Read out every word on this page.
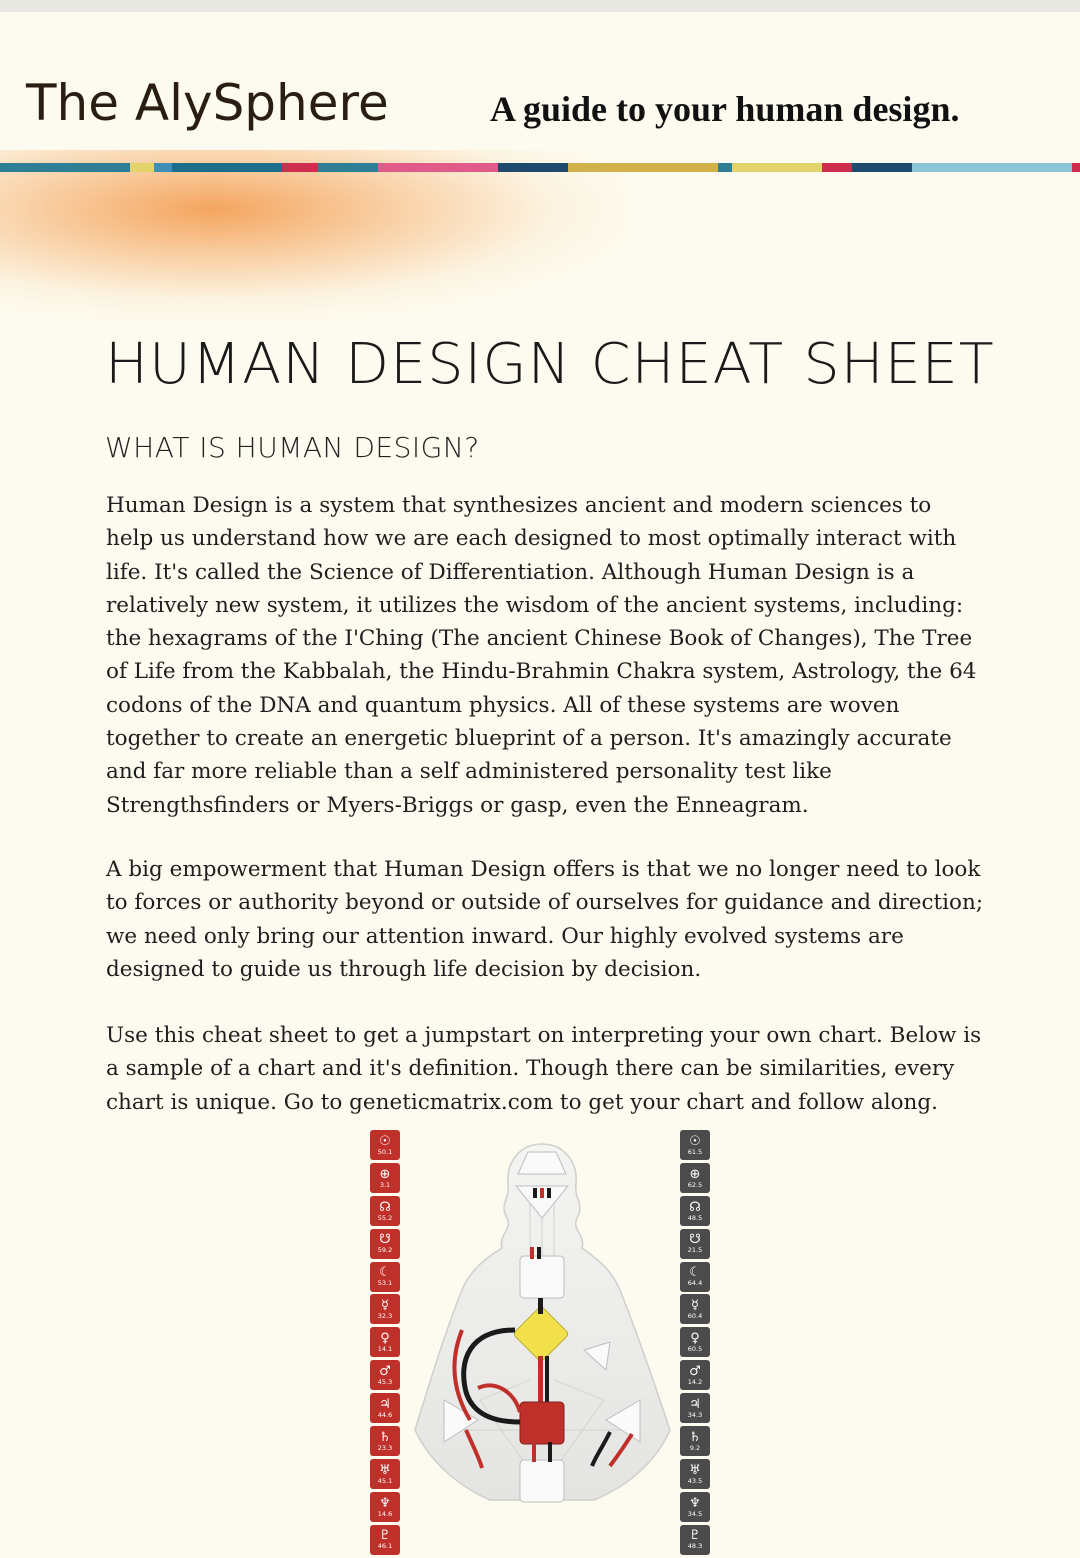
The AlySphere	A guide to your human design.
HUMAN DESIGN CHEAT SHEET
WHAT IS HUMAN DESIGN?

Human Design is a system that synthesizes ancient and modern sciences to help us understand how we are each designed to most optimally interact with life. It's called the Science of Differentiation. Although Human Design is a relatively new system, it utilizes the wisdom of the ancient systems, including: the hexagrams of the I'Ching (The ancient Chinese Book of Changes), The Tree of Life from the Kabbalah, the Hindu-Brahmin Chakra system, Astrology, the 64 codons of the DNA and quantum physics. All of these systems are woven together to create an energetic blueprint of a person. It's amazingly accurate and far more reliable than a self administered personality test like Strengthsfinders or Myers-Briggs or gasp, even the Enneagram.

A big empowerment that Human Design offers is that we no longer need to look to forces or authority beyond or outside of ourselves for guidance and direction; we need only bring our attention inward. Our highly evolved systems are designed to guide us through life decision by decision.

Use this cheat sheet to get a jumpstart on interpreting your own chart. Below is a sample of a chart and it's definition. Though there can be similarities, every chart is unique. Go to geneticmatrix.com to get your chart and follow along.

☉
50.1
⊕
3.1
☊
55.2
☋
59.2
☾
53.1
☿
32.3
♀
14.1
♂
45.3
♃
44.6
♄
23.3
♅
45.1
♆
14.6
♇
46.1
☉
61.5
⊕
62.5
☊
48.5
☋
21.5
☾
64.4
☿
60.4
♀
60.5
♂
14.2
♃
34.3
♄
9.2
♅
43.5
♆
34.5
♇
48.3
